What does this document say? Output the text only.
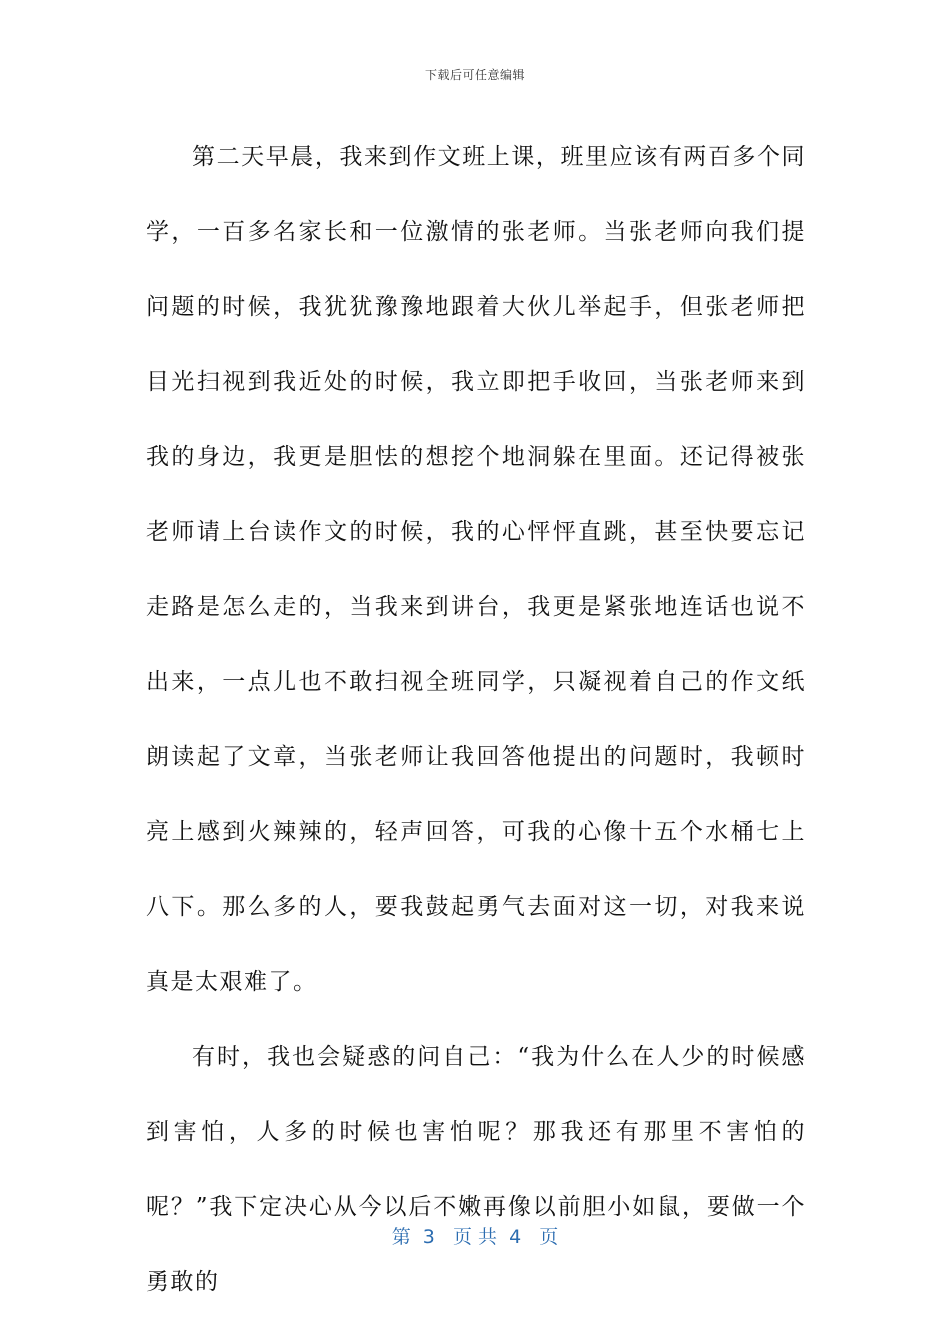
下载后可任意编辑

第二天早晨，我来到作文班上课，班里应该有两百多个同学，一百多名家长和一位激情的张老师。当张老师向我们提问题的时候，我犹犹豫豫地跟着大伙儿举起手，但张老师把目光扫视到我近处的时候，我立即把手收回，当张老师来到我的身边，我更是胆怯的想挖个地洞躲在里面。还记得被张老师请上台读作文的时候，我的心怦怦直跳，甚至快要忘记走路是怎么走的，当我来到讲台，我更是紧张地连话也说不出来，一点儿也不敢扫视全班同学，只凝视着自己的作文纸朗读起了文章，当张老师让我回答他提出的问题时，我顿时亮上感到火辣辣的，轻声回答，可我的心像十五个水桶七上八下。那么多的人，要我鼓起勇气去面对这一切，对我来说真是太艰难了。

有时，我也会疑惑的问自己：“我为什么在人少的时候感到害怕，人多的时候也害怕呢？那我还有那里不害怕的呢？”我下定决心从今以后不嫩再像以前胆小如鼠，要做一个勇敢的

第  3   页 共  4   页
